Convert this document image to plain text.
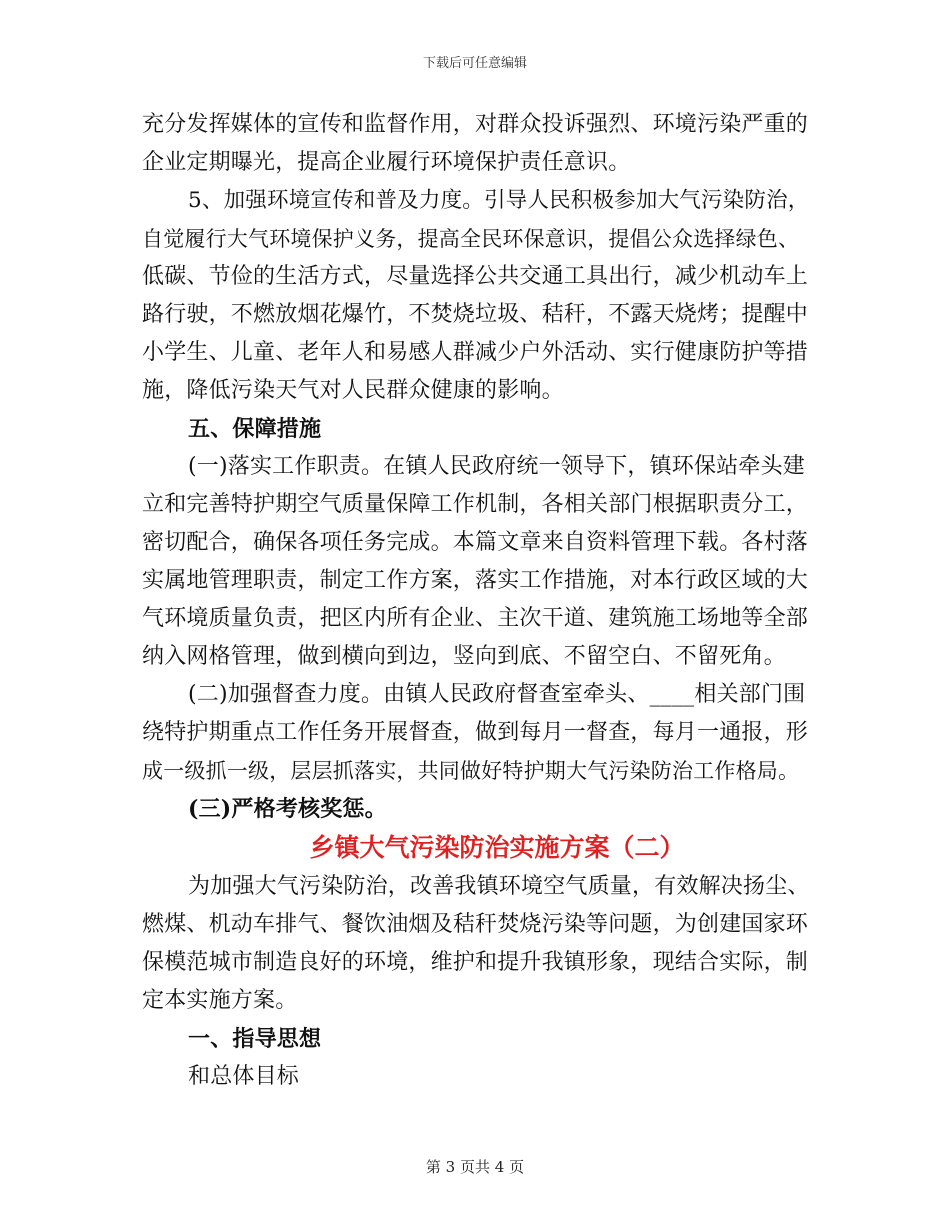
下载后可任意编辑
充分发挥媒体的宣传和监督作用，对群众投诉强烈、环境污染严重的
企业定期曝光，提高企业履行环境保护责任意识。
5、加强环境宣传和普及力度。引导人民积极参加大气污染防治，
自觉履行大气环境保护义务，提高全民环保意识，提倡公众选择绿色、
低碳、节俭的生活方式，尽量选择公共交通工具出行，减少机动车上
路行驶，不燃放烟花爆竹，不焚烧垃圾、秸秆，不露天烧烤；提醒中
小学生、儿童、老年人和易感人群减少户外活动、实行健康防护等措
施，降低污染天气对人民群众健康的影响。
五、保障措施
(一)落实工作职责。在镇人民政府统一领导下，镇环保站牵头建
立和完善特护期空气质量保障工作机制，各相关部门根据职责分工，
密切配合，确保各项任务完成。本篇文章来自资料管理下载。各村落
实属地管理职责，制定工作方案，落实工作措施，对本行政区域的大
气环境质量负责，把区内所有企业、主次干道、建筑施工场地等全部
纳入网格管理，做到横向到边，竖向到底、不留空白、不留死角。
(二)加强督查力度。由镇人民政府督查室牵头、____相关部门围
绕特护期重点工作任务开展督查，做到每月一督查，每月一通报，形
成一级抓一级，层层抓落实，共同做好特护期大气污染防治工作格局。
(三)严格考核奖惩。
乡镇大气污染防治实施方案（二）
为加强大气污染防治，改善我镇环境空气质量，有效解决扬尘、
燃煤、机动车排气、餐饮油烟及秸秆焚烧污染等问题，为创建国家环
保模范城市制造良好的环境，维护和提升我镇形象，现结合实际，制
定本实施方案。
一、指导思想
和总体目标
第 3 页共 4 页
